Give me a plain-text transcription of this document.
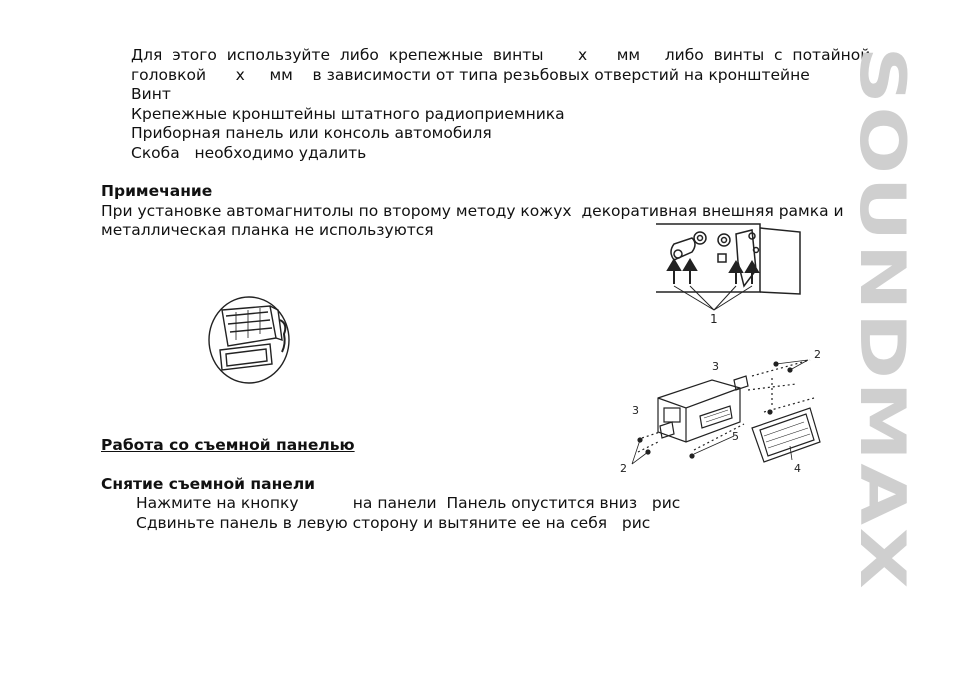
Для  этого  используйте  либо  крепежные  винты       х      мм     либо  винты  с  потайной
головкой      х     мм    в зависимости от типа резьбовых отверстий на кронштейне
Винт
Крепежные кронштейны штатного радиоприемника
Приборная панель или консоль автомобиля
Скоба   необходимо удалить
Примечание
При установке автомагнитолы по второму методу кожух  декоративная внешняя рамка и
металлическая планка не используются
Работа со съемной панелью
Снятие съемной панели
Нажмите на кнопку           на панели  Панель опустится вниз   рис
Сдвиньте панель в левую сторону и вытяните ее на себя   рис
SOUNDMAX
1
3
2
3
5
2	4
